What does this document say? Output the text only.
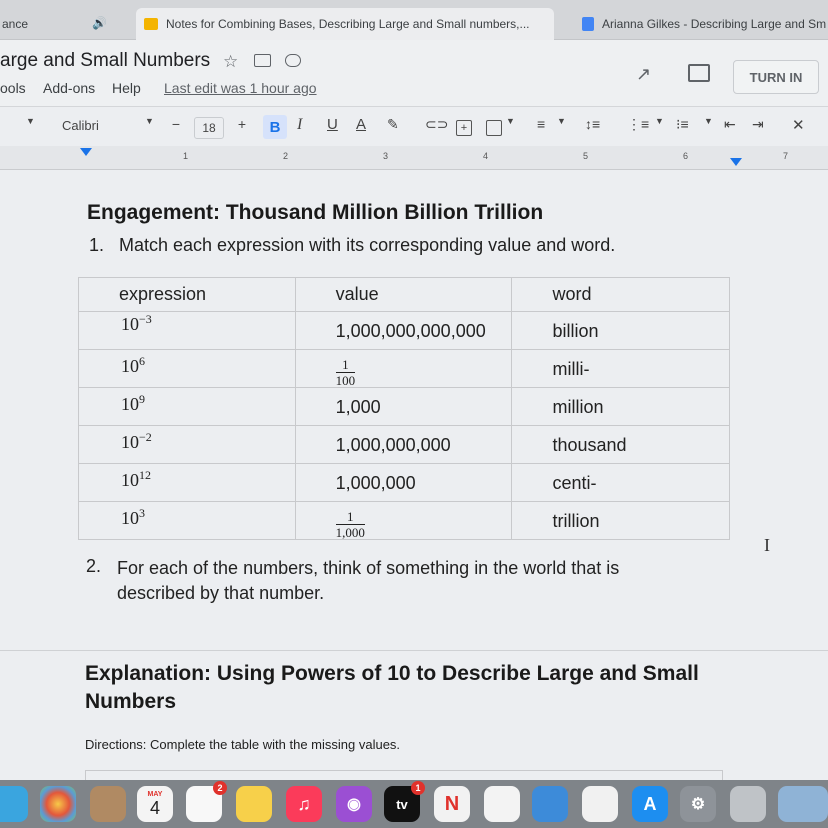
ance	🔊	Notes for Combining Bases, Describing Large and Small numbers,...	Arianna Gilkes - Describing Large and Sm
arge and Small Numbers ☆
ools Add-ons Help Last edit was 1 hour ago
↗	TURN IN
▼ Calibri	▼	−	18	+	B	I U A ✎ ⊂⊃	+
▼ ≡ ▼ ↕≡ ⋮≡ ▼ ⁝≡ ▼ ⇤ ⇥ ✕
1	2	3	4	5	6	7
Engagement: Thousand Million Billion Trillion
1. Match each expression with its corresponding value and word.
expression	value	word
$10^{-3}$	1,000,000,000,000	billion
$10^6$	$\frac{1}{100}$	milli-
$10^9$	1,000	million
$10^{-2}$	1,000,000,000	thousand
$10^{12}$	1,000,000	centi-
$10^3$	$\frac{1}{1,000}$	trillion
I
2. For each of the numbers, think of something in the world that is
described by that number.
Explanation: Using Powers of 10 to Describe Large and Small
Numbers
Directions: Complete the table with the missing values.
MAY
4
2
♫	◉	tv
1
N	A	⚙
